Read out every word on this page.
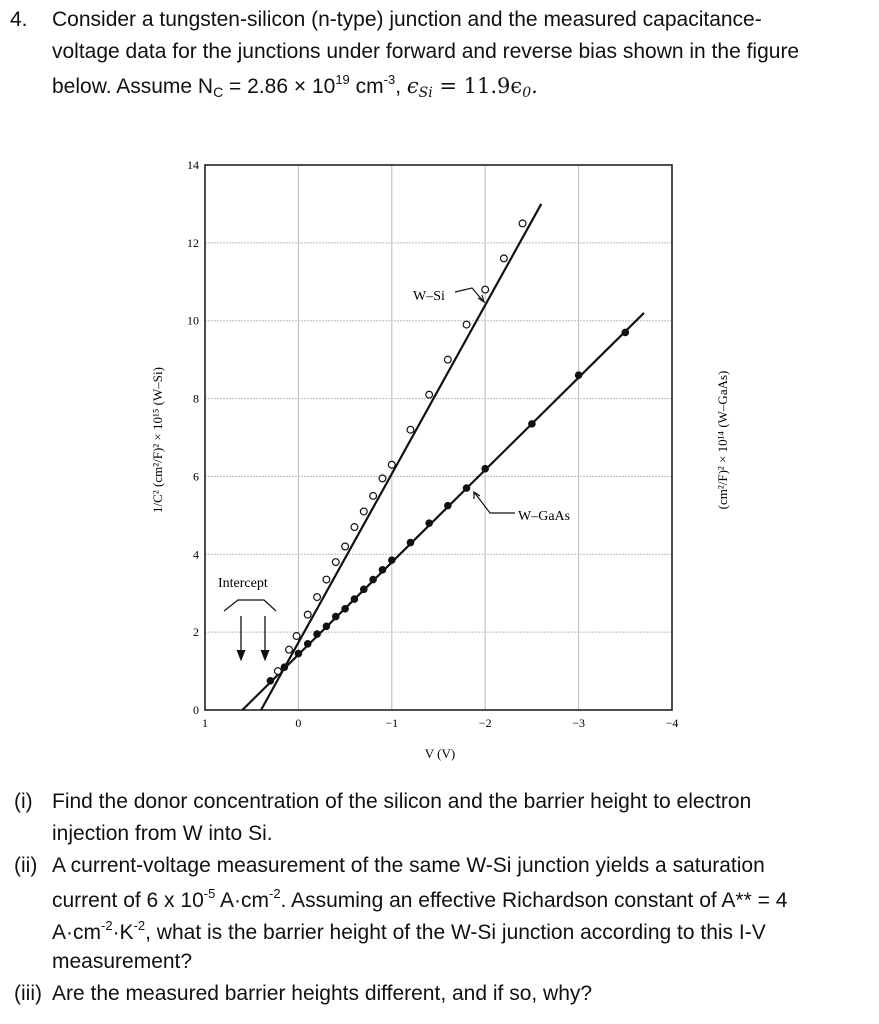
4. Consider a tungsten-silicon (n-type) junction and the measured capacitance-
voltage data for the junctions under forward and reverse bias shown in the figure
below. Assume $N_C = 2.86 \times 10^{19}$ $cm^{-3}$, $\epsilon_{Si} = 11.9\epsilon_0$.
1	0	−1	−2	−3	−4
0
2
4
6
8
10
12
14
V (V)
1/C² (cm²/F)² × 10¹⁵ (W–Si)	(cm²/F)² × 10¹⁴ (W–GaAs)
W–Si
W–GaAs
Intercept
(i) Find the donor concentration of the silicon and the barrier height to electron
injection from W into Si.
(ii) A current-voltage measurement of the same W-Si junction yields a saturation
current of 6 x $10^{-5}$ $A\cdot cm^{-2}$. Assuming an effective Richardson constant of A** = 4
$A\cdot cm^{-2}\cdot K^{-2}$, what is the barrier height of the W-Si junction according to this I-V
measurement?
(iii) Are the measured barrier heights different, and if so, why?
